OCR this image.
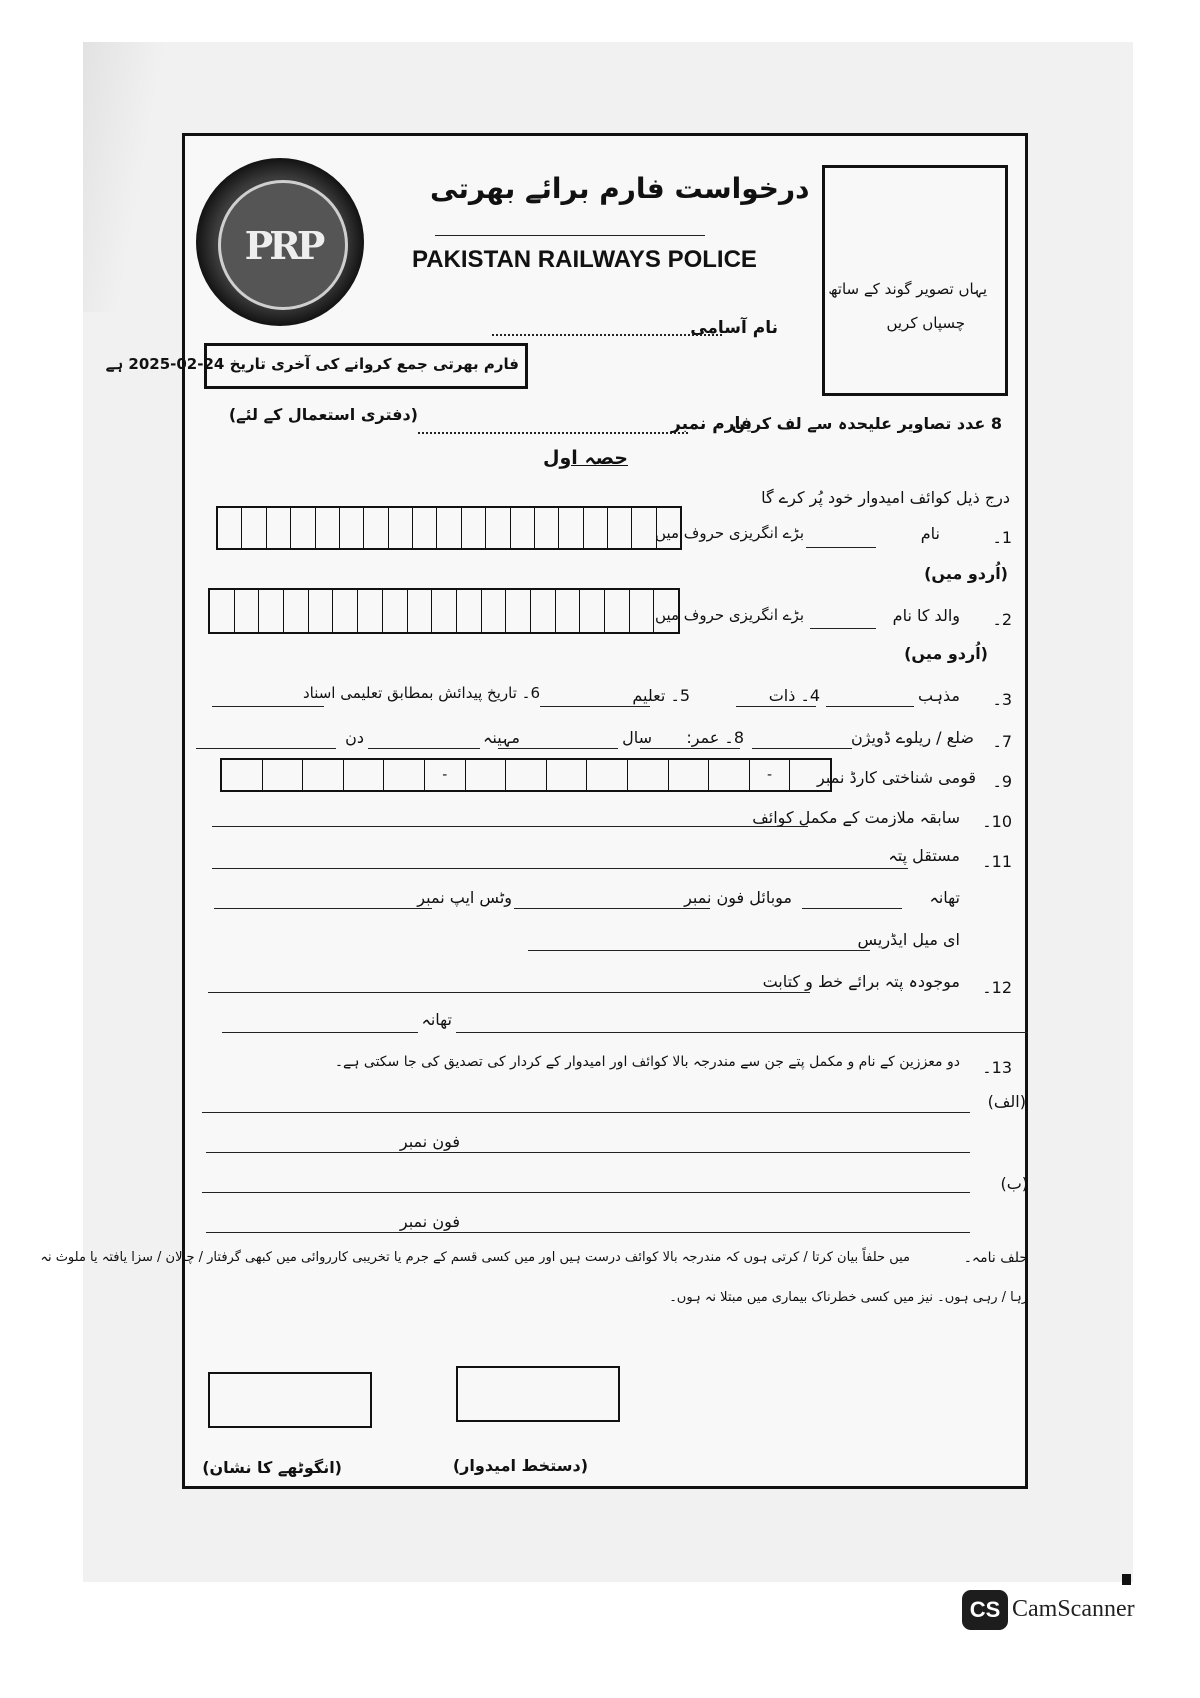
PRP
درخواست فارم برائے بھرتی
PAKISTAN RAILWAYS POLICE
یہاں تصویر گوند کے ساتھ
چسپاں کریں
نام آسامی
فارم بھرتی جمع کروانے کی آخری تاریخ 24-02-2025 ہے
فارم نمبر
(دفتری استعمال کے لئے)	8 عدد تصاویر علیحدہ سے لف کریں
حصہ اول
درج ذیل کوائف امیدوار خود پُر کرے گا
1۔
نام
بڑے انگریزی حروف میں
(اُردو میں)
2۔
والد کا نام
بڑے انگریزی حروف میں
(اُردو میں)
3۔
مذہب
4۔ ذات
5۔ تعلیم
6۔ تاریخ پیدائش بمطابق تعلیمی اسناد
7۔
ضلع / ریلوے ڈویژن
8۔ عمر:
سال
مہینہ
دن
9۔
قومی شناختی کارڈ نمبر
-	-
10۔
سابقہ ملازمت کے مکمل کوائف
11۔
مستقل پتہ
تھانہ
موبائل فون نمبر
وٹس ایپ نمبر
ای میل ایڈریس
12۔
موجودہ پتہ برائے خط و کتابت
تھانہ
13۔
دو معززین کے نام و مکمل پتے جن سے مندرجہ بالا کوائف اور امیدوار کے کردار کی تصدیق کی جا سکتی ہے۔
(الف)
فون نمبر
(ب)
فون نمبر
حلف نامہ۔
میں حلفاً بیان کرتا / کرتی ہوں کہ مندرجہ بالا کوائف درست ہیں اور میں کسی قسم کے جرم یا تخریبی کارروائی میں کبھی گرفتار / چالان / سزا یافتہ یا ملوث نہ
رہا / رہی ہوں۔ نیز میں کسی خطرناک بیماری میں مبتلا نہ ہوں۔
(انگوٹھے کا نشان)	(دستخط امیدوار)
CS CamScanner
